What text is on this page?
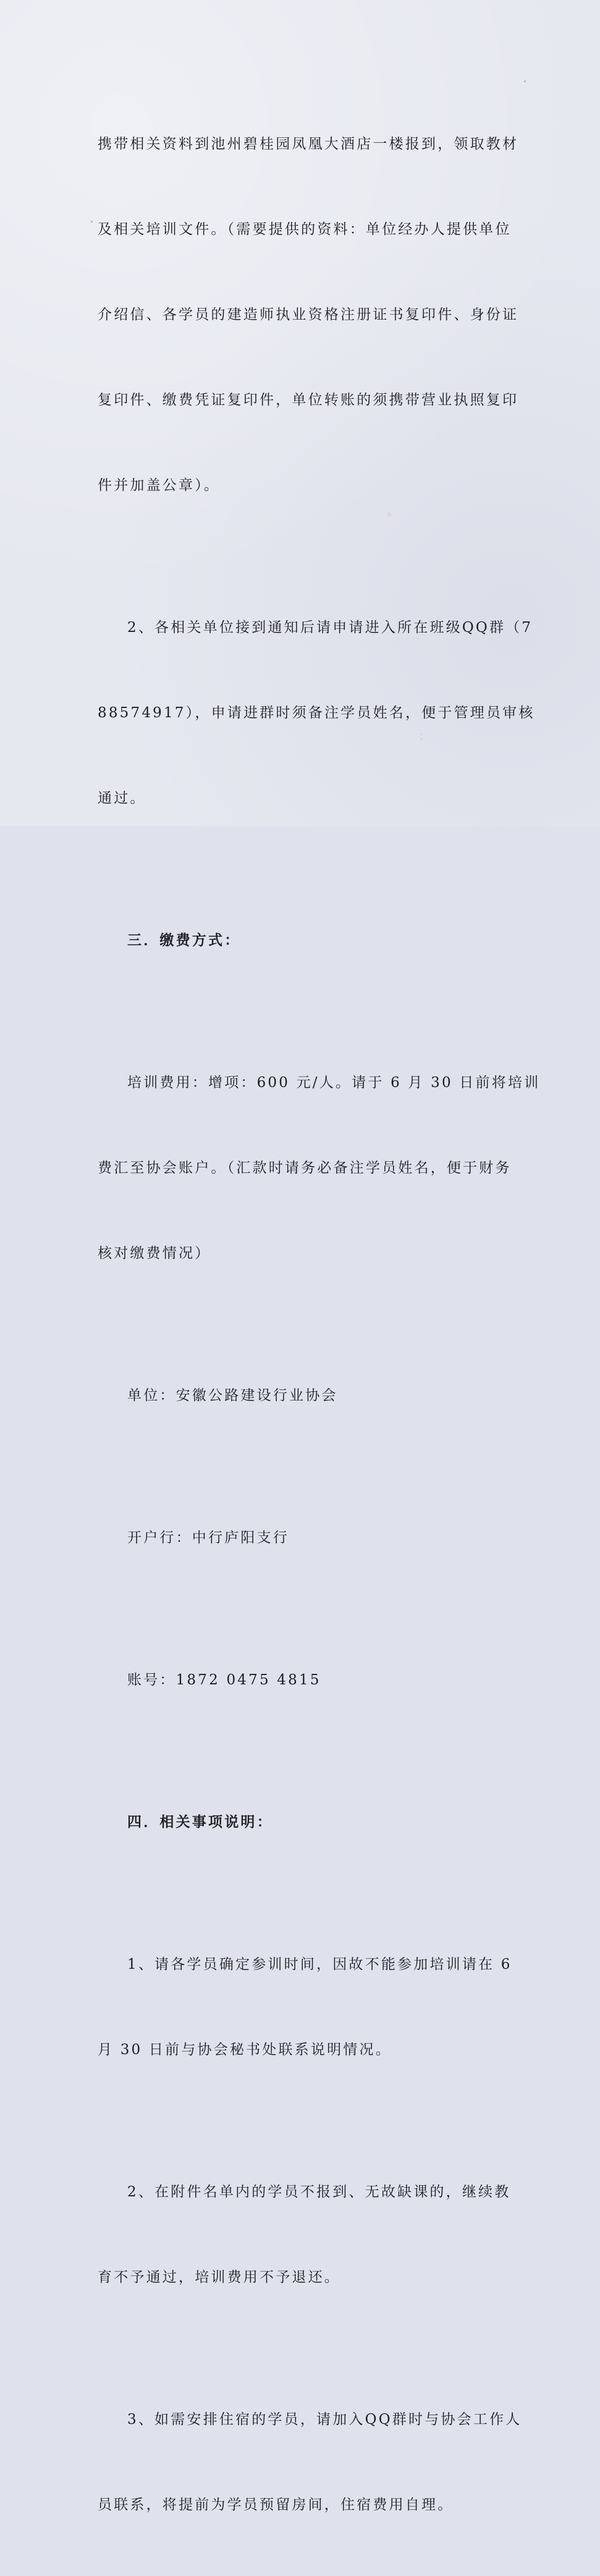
携带相关资料到池州碧桂园凤凰大酒店一楼报到，领取教材

及相关培训文件。（需要提供的资料：单位经办人提供单位

介绍信、各学员的建造师执业资格注册证书复印件、身份证

复印件、缴费凭证复印件，单位转账的须携带营业执照复印

件并加盖公章）。

2、各相关单位接到通知后请申请进入所在班级QQ群（7

88574917），申请进群时须备注学员姓名，便于管理员审核

通过。

三．缴费方式：

培训费用：增项：600 元/人。请于 6 月 30 日前将培训

费汇至协会账户。（汇款时请务必备注学员姓名，便于财务

核对缴费情况）

单位：安徽公路建设行业协会

开户行：中行庐阳支行

账号：1872 0475 4815

四．相关事项说明：

1、请各学员确定参训时间，因故不能参加培训请在 6

月 30 日前与协会秘书处联系说明情况。

2、在附件名单内的学员不报到、无故缺课的，继续教

育不予通过，培训费用不予退还。

3、如需安排住宿的学员，请加入QQ群时与协会工作人

员联系，将提前为学员预留房间，住宿费用自理。

⁘
⁚
